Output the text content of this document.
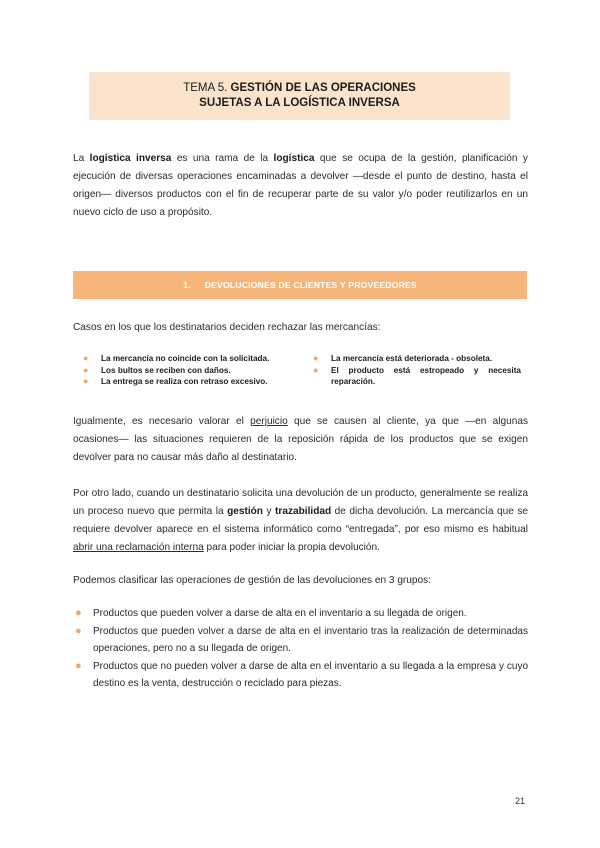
TEMA 5. GESTIÓN DE LAS OPERACIONES
SUJETAS A LA LOGÍSTICA INVERSA

La logística inversa es una rama de la logística que se ocupa de la gestión, planificación y ejecución de diversas operaciones encaminadas a devolver —desde el punto de destino, hasta el origen— diversos productos con el fin de recuperar parte de su valor y/o poder reutilizarlos en un nuevo ciclo de uso a propósito.

1. DEVOLUCIONES DE CLIENTES Y PROVEEDORES

Casos en los que los destinatarios deciden rechazar las mercancías:

● La mercancía no coincide con la solicitada.
● Los bultos se reciben con daños.
● La entrega se realiza con retraso excesivo.
● La mercancía está deteriorada - obsoleta.
● El producto está estropeado y necesita reparación.

Igualmente, es necesario valorar el perjuicio que se causen al cliente, ya que —en algunas ocasiones— las situaciones requieren de la reposición rápida de los productos que se exigen devolver para no causar más daño al destinatario.

Por otro lado, cuando un destinatario solicita una devolución de un producto, generalmente se realiza un proceso nuevo que permita la gestión y trazabilidad de dicha devolución. La mercancía que se requiere devolver aparece en el sistema informático como “entregada”, por eso mismo es habitual abrir una reclamación interna para poder iniciar la propia devolución.

Podemos clasificar las operaciones de gestión de las devoluciones en 3 grupos:

● Productos que pueden volver a darse de alta en el inventario a su llegada de origen.
● Productos que pueden volver a darse de alta en el inventario tras la realización de determinadas operaciones, pero no a su llegada de origen.
● Productos que no pueden volver a darse de alta en el inventario a su llegada a la empresa y cuyo destino es la venta, destrucción o reciclado para piezas.
21
